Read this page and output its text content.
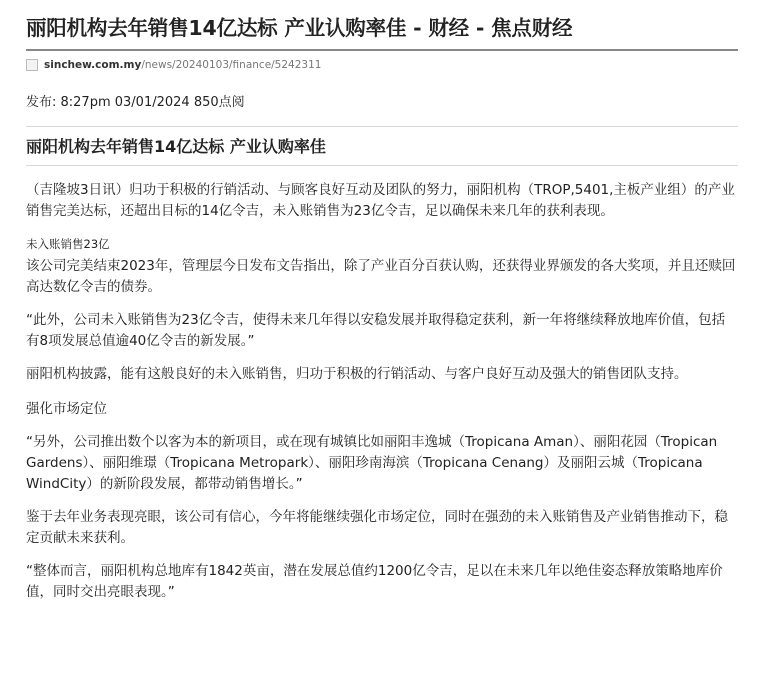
丽阳机构去年销售14亿达标 产业认购率佳 - 财经 - 焦点财经
sinchew.com.my/news/20240103/finance/5242311
发布: 8:27pm 03/01/2024 850点阅
丽阳机构去年销售14亿达标 产业认购率佳

（吉隆坡3日讯）归功于积极的行销活动、与顾客良好互动及团队的努力，丽阳机构（TROP,5401,主板产业组）的产业销售完美达标，还超出目标的14亿令吉，未入账销售为23亿令吉，足以确保未来几年的获利表现。

未入账销售23亿

该公司完美结束2023年，管理层今日发布文告指出，除了产业百分百获认购，还获得业界颁发的各大奖项，并且还赎回高达数亿令吉的债券。

“此外，公司未入账销售为23亿令吉，使得未来几年得以安稳发展并取得稳定获利，新一年将继续释放地库价值，包括有8项发展总值逾40亿令吉的新发展。”

丽阳机构披露，能有这般良好的未入账销售，归功于积极的行销活动、与客户良好互动及强大的销售团队支持。

强化市场定位

“另外，公司推出数个以客为本的新项目，或在现有城镇比如丽阳丰逸城（Tropicana Aman）、丽阳花园（Tropican Gardens）、丽阳维璟（Tropicana Metropark）、丽阳珍南海滨（Tropicana Cenang）及丽阳云城（Tropicana WindCity）的新阶段发展，都带动销售增长。”

鉴于去年业务表现亮眼，该公司有信心，今年将能继续强化市场定位，同时在强劲的未入账销售及产业销售推动下，稳定贡献未来获利。

“整体而言，丽阳机构总地库有1842英亩，潜在发展总值约1200亿令吉，足以在未来几年以绝佳姿态释放策略地库价值，同时交出亮眼表现。”
